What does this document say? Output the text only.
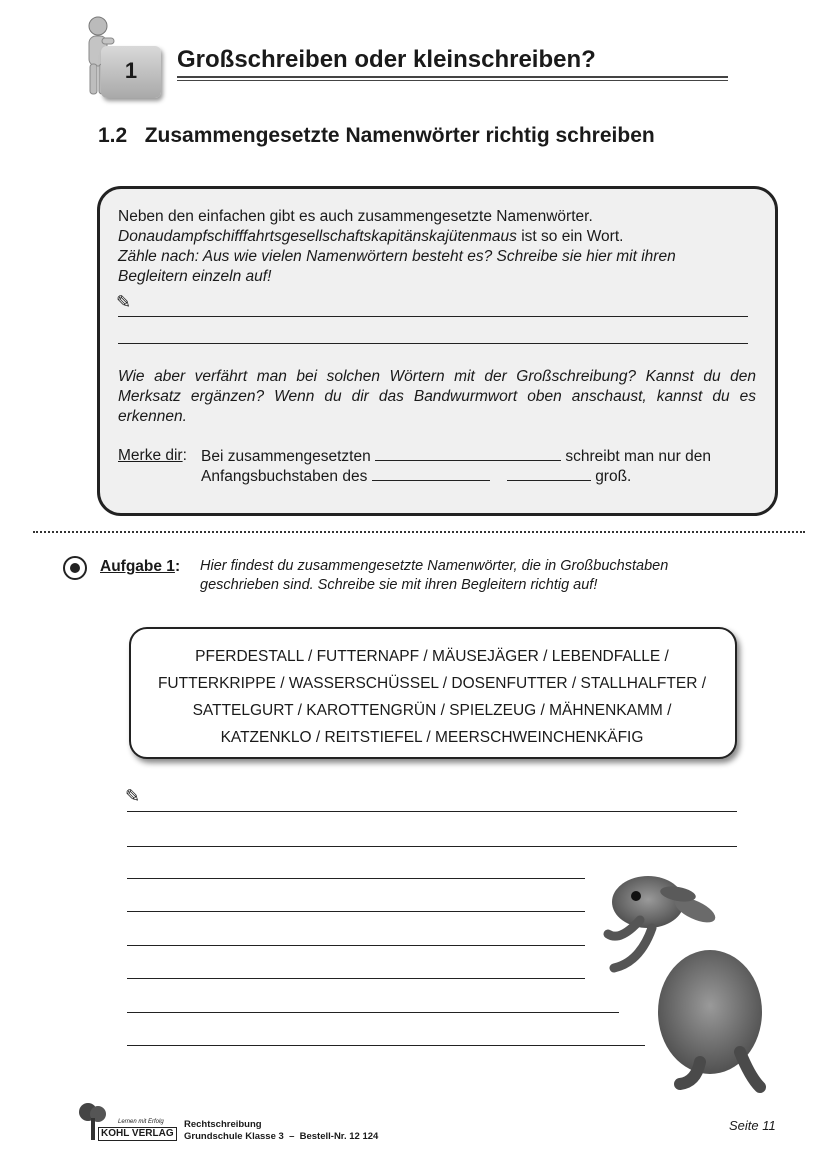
1	Großschreiben oder kleinschreiben?
1.2 Zusammengesetzte Namenwörter richtig schreiben
Neben den einfachen gibt es auch zusammengesetzte Namenwörter.
Donaudampfschifffahrtsgesellschaftskapitänskajütenmaus ist so ein Wort.
Zähle nach: Aus wie vielen Namenwörtern besteht es? Schreibe sie hier mit ihren Begleitern einzeln auf!
✎
Wie aber verfährt man bei solchen Wörtern mit der Großschreibung? Kannst du den Merksatz ergänzen? Wenn du dir das Bandwurmwort oben anschaust, kannst du es erkennen.
Merke dir: Bei zusammengesetzten	schreibt man nur den
Anfangsbuchstaben des	groß.
Aufgabe 1: Hier findest du zusammengesetzte Namenwörter, die in Großbuchstaben
geschrieben sind. Schreibe sie mit ihren Begleitern richtig auf!
PFERDESTALL / FUTTERNAPF / MÄUSEJÄGER / LEBENDFALLE /
FUTTERKRIPPE / WASSERSCHÜSSEL / DOSENFUTTER / STALLHALFTER /
SATTELGURT / KAROTTENGRÜN / SPIELZEUG / MÄHNENKAMM /
KATZENKLO / REITSTIEFEL / MEERSCHWEINCHENKÄFIG
✎
Lernen mit Erfolg
KOHL VERLAG
Rechtschreibung
Grundschule Klasse 3  –  Bestell-Nr. 12 124
Seite 11
